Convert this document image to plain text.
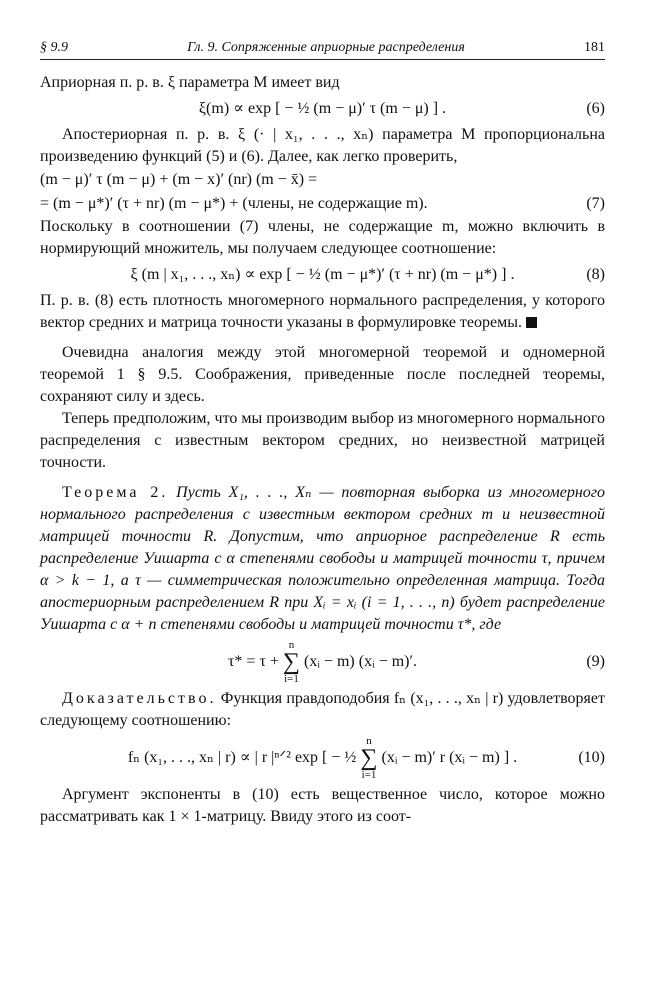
§ 9.9	Гл. 9. Сопряженные априорные распределения	181

Априорная п. р. в. ξ параметра M имеет вид

ξ(m) ∝ exp [ − ½ (m − μ)′ τ (m − μ) ] .	(6)

Апостериорная п. р. в. ξ (· | x₁, . . ., xₙ) параметра M пропорциональна произведению функций (5) и (6). Далее, как легко проверить,

(m − μ)′ τ (m − μ) + (m − x)′ (nr) (m − x̄) =
= (m − μ*)′ (τ + nr) (m − μ*) + (члены, не содержащие m).	(7)

Поскольку в соотношении (7) члены, не содержащие m, можно включить в нормирующий множитель, мы получаем следующее соотношение:

ξ (m | x₁, . . ., xₙ) ∝ exp [ − ½ (m − μ*)′ (τ + nr) (m − μ*) ] .	(8)

П. р. в. (8) есть плотность многомерного нормального распределения, у которого вектор средних и матрица точности указаны в формулировке теоремы.

Очевидна аналогия между этой многомерной теоремой и одномерной теоремой 1 § 9.5. Соображения, приведенные после последней теоремы, сохраняют силу и здесь.

Теперь предположим, что мы производим выбор из многомерного нормального распределения с известным вектором средних, но неизвестной матрицей точности.

Теорема 2. Пусть X₁, . . ., Xₙ — повторная выборка из многомерного нормального распределения с известным вектором средних m и неизвестной матрицей точности R. Допустим, что априорное распределение R есть распределение Уишарта с α степенями свободы и матрицей точности τ, причем α > k − 1, а τ — симметрическая положительно определенная матрица. Тогда апостериорным распределением R при Xᵢ = xᵢ (i = 1, . . ., n) будет распределение Уишарта с α + n степенями свободы и матрицей точности τ*, где

τ* = τ + n
∑
i=1 (xᵢ − m) (xᵢ − m)′.	(9)

Доказательство. Функция правдоподобия fₙ (x₁, . . ., xₙ | r) удовлетворяет следующему соотношению:

fₙ (x₁, . . ., xₙ | r) ∝ | r |ⁿᐟ² exp [ − ½ n
∑
i=1 (xᵢ − m)′ r (xᵢ − m) ] .	(10)

Аргумент экспоненты в (10) есть вещественное число, которое можно рассматривать как 1 × 1-матрицу. Ввиду этого из соот-
